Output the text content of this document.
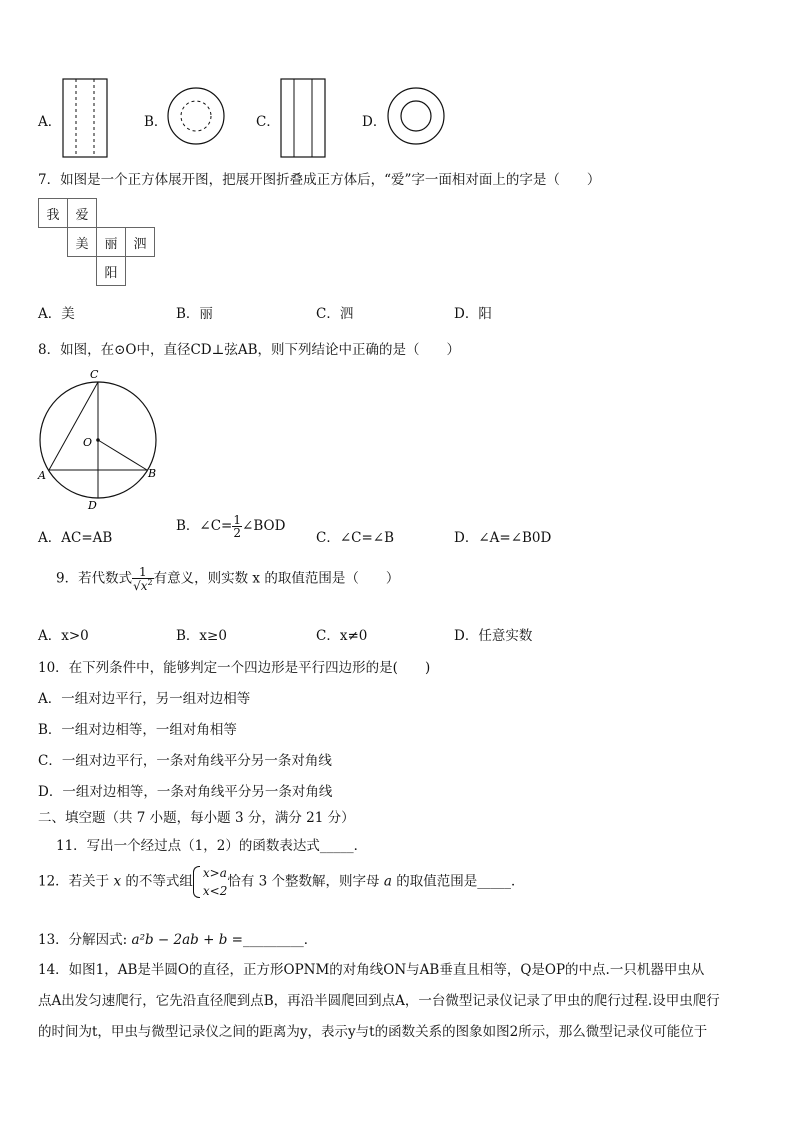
A．	B．	C．	D．
7．如图是一个正方体展开图，把展开图折叠成正方体后，“爱”字一面相对面上的字是（　　）
我	爱		
	美	丽	泗
		阳	
A．美	B．丽	C．泗	D．阳
8．如图，在⊙O中，直径CD⊥弦AB，则下列结论中正确的是（　　）
C
O
A	B
D
A．AC=AB
B．∠C= $\frac{1}{2}$ ∠BOD
C．∠C=∠B	D．∠A=∠B0D
9．若代数式 $\frac{1}{√x^2}$ 有意义，则实数 x 的取值范围是（　　）
A．x>0	B．x≥0	C．x≠0	D．任意实数
10．在下列条件中，能够判定一个四边形是平行四边形的是(　　)
A．一组对边平行，另一组对边相等
B．一组对边相等，一组对角相等
C．一组对边平行，一条对角线平分另一条对角线
D．一组对边相等，一条对角线平分另一条对角线
二、填空题（共 7 小题，每小题 3 分，满分 21 分）
11．写出一个经过点（1，2）的函数表达式_____．
12．若关于 x 的不等式组
x>a
x<2
恰有 3 个整数解，则字母 a 的取值范围是_____．
13．分解因式: a²b − 2ab + b =_________．
14．如图1，AB是半圆O的直径，正方形OPNM的对角线ON与AB垂直且相等，Q是OP的中点.一只机器甲虫从
点A出发匀速爬行，它先沿直径爬到点B，再沿半圆爬回到点A，一台微型记录仪记录了甲虫的爬行过程.设甲虫爬行
的时间为t，甲虫与微型记录仪之间的距离为y，表示y与t的函数关系的图象如图2所示，那么微型记录仪可能位于
